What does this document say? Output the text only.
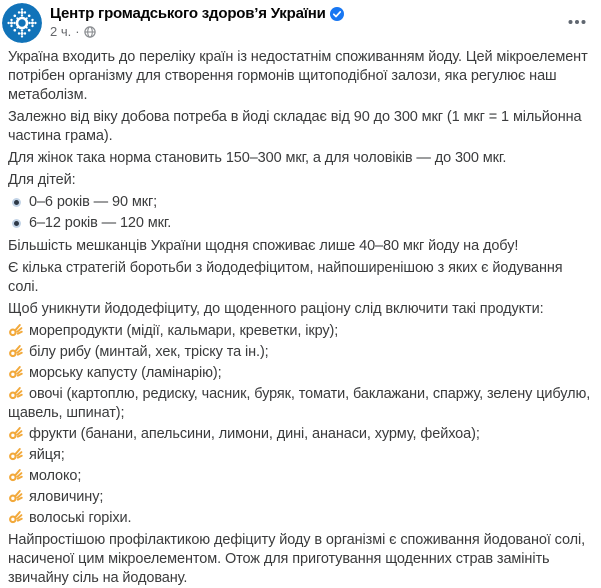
Центр громадського здоров’я України
2 ч. ·

Україна входить до переліку країн із недостатнім споживанням йоду. Цей мікроелемент потрібен організму для створення гормонів щитоподібної залози, яка регулює наш метаболізм.

Залежно від віку добова потреба в йоді складає від 90 до 300 мкг (1 мкг = 1 мільйонна частина грама).

Для жінок така норма становить 150–300 мкг, а для чоловіків — до 300 мкг.

Для дітей:

0–6 років — 90 мкг;
6–12 років — 120 мкг.

Більшість мешканців України щодня споживає лише 40–80 мкг йоду на добу!

Є кілька стратегій боротьби з йододефіцитом, найпоширенішою з яких є йодування солі.

Щоб уникнути йододефіциту, до щоденного раціону слід включити такі продукти:

морепродукти (мідії, кальмари, креветки, ікру);
білу рибу (минтай, хек, тріску та ін.);
морську капусту (ламінарію);
овочі (картоплю, редиску, часник, буряк, томати, баклажани, спаржу, зелену цибулю, щавель, шпинат);
фрукти (банани, апельсини, лимони, дині, ананаси, хурму, фейхоа);
яйця;
молоко;
яловичину;
волоські горіхи.

Найпростішою профілактикою дефіциту йоду в організмі є споживання йодованої солі, насиченої цим мікроелементом. Отож для приготування щоденних страв замініть звичайну сіль на йодовану.
